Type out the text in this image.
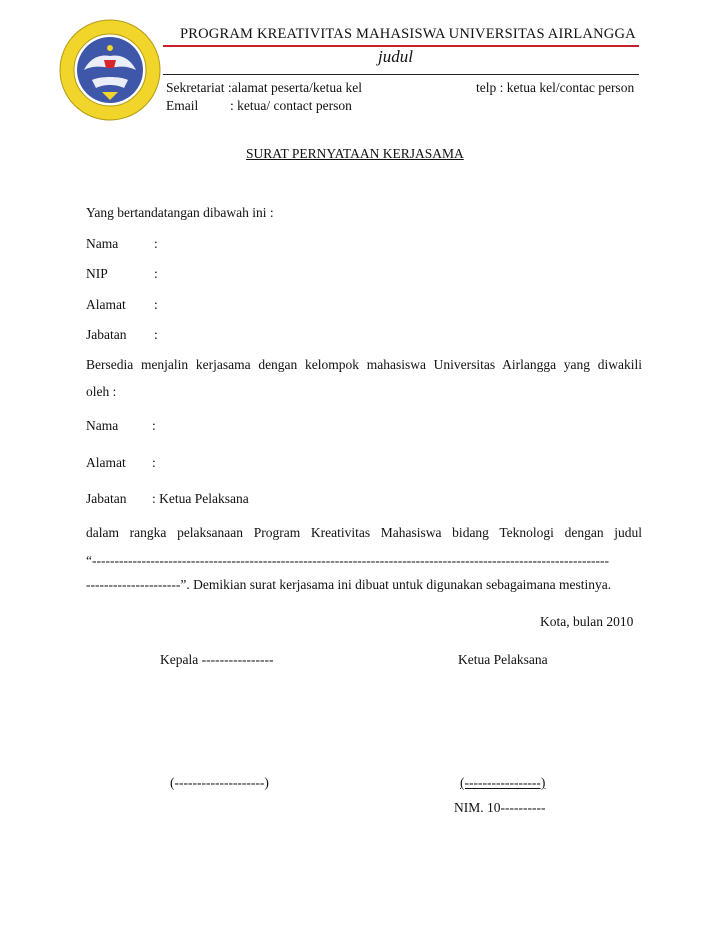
PROGRAM KREATIVITAS MAHASISWA UNIVERSITAS AIRLANGGA
judul
Sekretariat :alamat peserta/ketua kel	telp : ketua kel/contac person
Email : ketua/ contact person
SURAT PERNYATAAN KERJASAMA
Yang bertandatangan dibawah ini :
Nama	:
NIP	:
Alamat :
Jabatan :
Bersedia menjalin kerjasama dengan kelompok mahasiswa Universitas Airlangga yang diwakili
oleh :
Nama	:
Alamat :
Jabatan : Ketua Pelaksana
dalam rangka pelaksanaan Program Kreativitas Mahasiswa bidang Teknologi dengan judul
“-------------------------------------------------------------------------------------------------------------------
---------------------”. Demikian surat kerjasama ini dibuat untuk digunakan sebagaimana mestinya.
Kota, bulan 2010
Kepala ----------------	Ketua Pelaksana
(--------------------)	(-----------------)
NIM. 10----------
